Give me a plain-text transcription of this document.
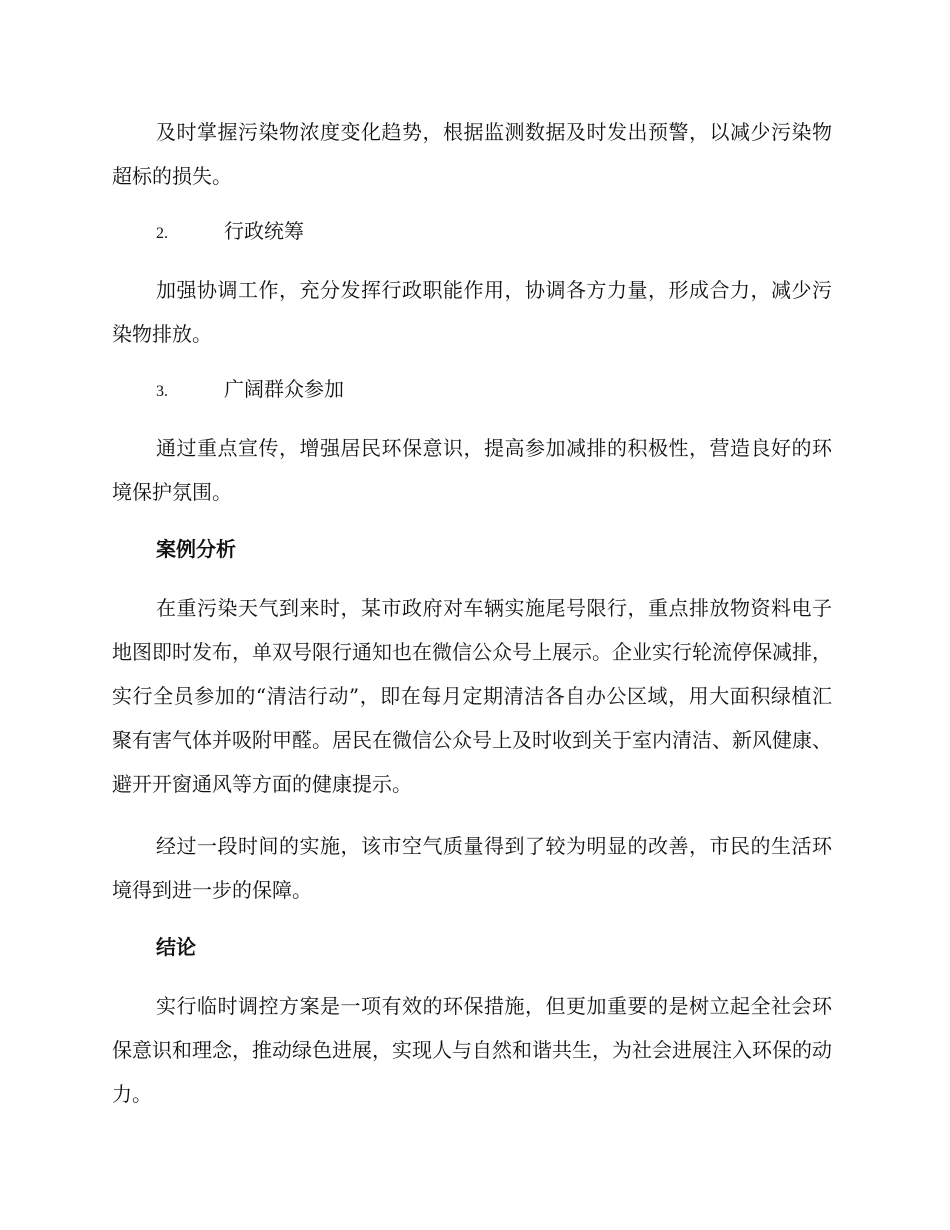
及时掌握污染物浓度变化趋势，根据监测数据及时发出预警，以减少污染物超标的损失。

2.	行政统筹

加强协调工作，充分发挥行政职能作用，协调各方力量，形成合力，减少污染物排放。

3.	广阔群众参加

通过重点宣传，增强居民环保意识，提高参加减排的积极性，营造良好的环境保护氛围。

案例分析

在重污染天气到来时，某市政府对车辆实施尾号限行，重点排放物资料电子地图即时发布，单双号限行通知也在微信公众号上展示。企业实行轮流停保减排，实行全员参加的“清洁行动”，即在每月定期清洁各自办公区域，用大面积绿植汇聚有害气体并吸附甲醛。居民在微信公众号上及时收到关于室内清洁、新风健康、避开开窗通风等方面的健康提示。

经过一段时间的实施，该市空气质量得到了较为明显的改善，市民的生活环境得到进一步的保障。

结论

实行临时调控方案是一项有效的环保措施，但更加重要的是树立起全社会环保意识和理念，推动绿色进展，实现人与自然和谐共生，为社会进展注入环保的动力。
